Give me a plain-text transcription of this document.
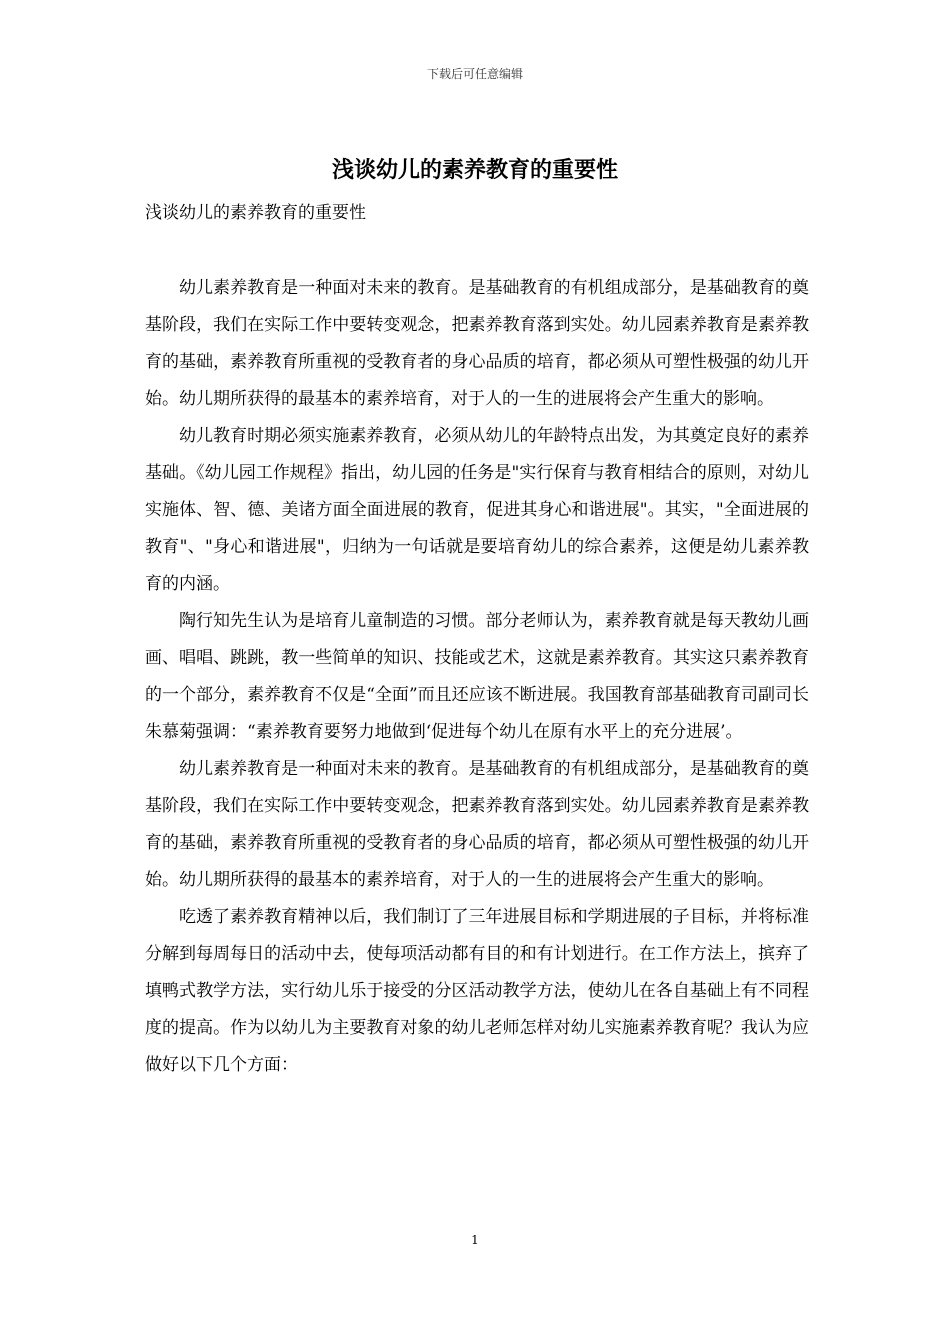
下载后可任意编辑
浅谈幼儿的素养教育的重要性

浅谈幼儿的素养教育的重要性

幼儿素养教育是一种面对未来的教育。是基础教育的有机组成部分，是基础教育的奠基阶段，我们在实际工作中要转变观念，把素养教育落到实处。幼儿园素养教育是素养教育的基础，素养教育所重视的受教育者的身心品质的培育，都必须从可塑性极强的幼儿开始。幼儿期所获得的最基本的素养培育，对于人的一生的进展将会产生重大的影响。

幼儿教育时期必须实施素养教育，必须从幼儿的年龄特点出发，为其奠定良好的素养基础。《幼儿园工作规程》指出，幼儿园的任务是"实行保育与教育相结合的原则，对幼儿实施体、智、德、美诸方面全面进展的教育，促进其身心和谐进展"。其实，"全面进展的教育"、"身心和谐进展"，归纳为一句话就是要培育幼儿的综合素养，这便是幼儿素养教育的内涵。

陶行知先生认为是培育儿童制造的习惯。部分老师认为，素养教育就是每天教幼儿画画、唱唱、跳跳，教一些简单的知识、技能或艺术，这就是素养教育。其实这只素养教育的一个部分，素养教育不仅是“全面”而且还应该不断进展。我国教育部基础教育司副司长朱慕菊强调：“素养教育要努力地做到‘促进每个幼儿在原有水平上的充分进展’。

幼儿素养教育是一种面对未来的教育。是基础教育的有机组成部分，是基础教育的奠基阶段，我们在实际工作中要转变观念，把素养教育落到实处。幼儿园素养教育是素养教育的基础，素养教育所重视的受教育者的身心品质的培育，都必须从可塑性极强的幼儿开始。幼儿期所获得的最基本的素养培育，对于人的一生的进展将会产生重大的影响。

吃透了素养教育精神以后，我们制订了三年进展目标和学期进展的子目标，并将标准分解到每周每日的活动中去，使每项活动都有目的和有计划进行。在工作方法上，摈弃了填鸭式教学方法，实行幼儿乐于接受的分区活动教学方法，使幼儿在各自基础上有不同程度的提高。作为以幼儿为主要教育对象的幼儿老师怎样对幼儿实施素养教育呢？我认为应做好以下几个方面：

1
